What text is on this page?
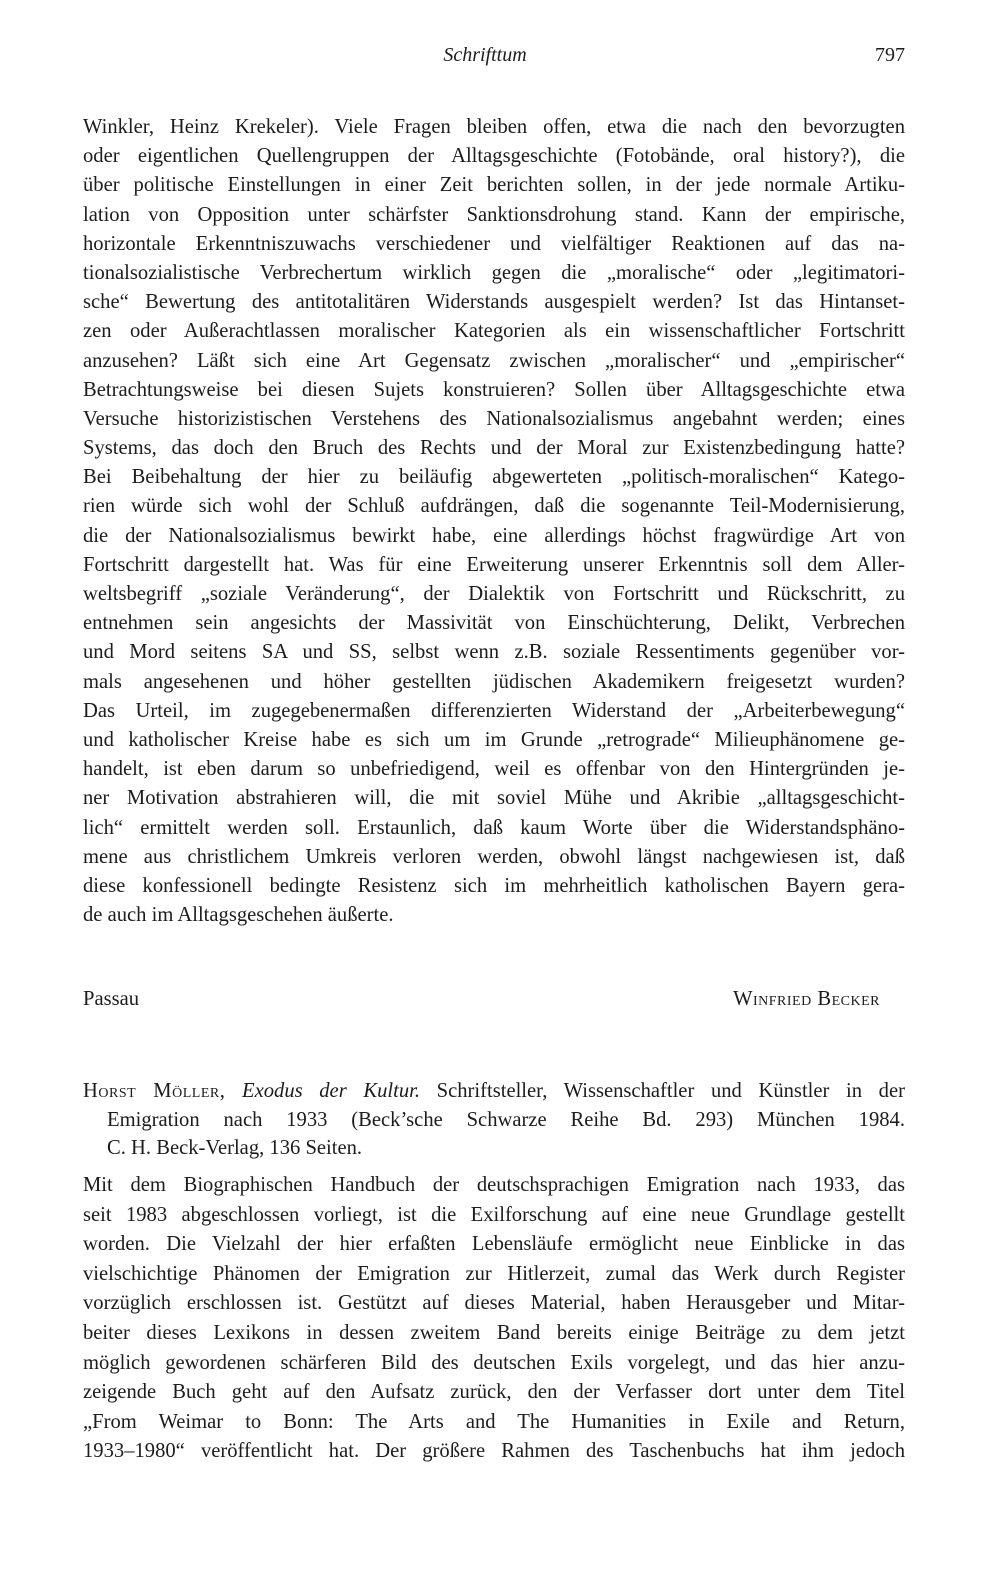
Schrifttum	797
Winkler, Heinz Krekeler). Viele Fragen bleiben offen, etwa die nach den bevorzugten
oder eigentlichen Quellengruppen der Alltagsgeschichte (Fotobände, oral history?), die
über politische Einstellungen in einer Zeit berichten sollen, in der jede normale Artiku-
lation von Opposition unter schärfster Sanktionsdrohung stand. Kann der empirische,
horizontale Erkenntniszuwachs verschiedener und vielfältiger Reaktionen auf das na-
tionalsozialistische Verbrechertum wirklich gegen die „moralische“ oder „legitimatori-
sche“ Bewertung des antitotalitären Widerstands ausgespielt werden? Ist das Hintanset-
zen oder Außerachtlassen moralischer Kategorien als ein wissenschaftlicher Fortschritt
anzusehen? Läßt sich eine Art Gegensatz zwischen „moralischer“ und „empirischer“
Betrachtungsweise bei diesen Sujets konstruieren? Sollen über Alltagsgeschichte etwa
Versuche historizistischen Verstehens des Nationalsozialismus angebahnt werden; eines
Systems, das doch den Bruch des Rechts und der Moral zur Existenzbedingung hatte?
Bei Beibehaltung der hier zu beiläufig abgewerteten „politisch-moralischen“ Katego-
rien würde sich wohl der Schluß aufdrängen, daß die sogenannte Teil-Modernisierung,
die der Nationalsozialismus bewirkt habe, eine allerdings höchst fragwürdige Art von
Fortschritt dargestellt hat. Was für eine Erweiterung unserer Erkenntnis soll dem Aller-
weltsbegriff „soziale Veränderung“, der Dialektik von Fortschritt und Rückschritt, zu
entnehmen sein angesichts der Massivität von Einschüchterung, Delikt, Verbrechen
und Mord seitens SA und SS, selbst wenn z.B. soziale Ressentiments gegenüber vor-
mals angesehenen und höher gestellten jüdischen Akademikern freigesetzt wurden?
Das Urteil, im zugegebenermaßen differenzierten Widerstand der „Arbeiterbewegung“
und katholischer Kreise habe es sich um im Grunde „retrograde“ Milieuphänomene ge-
handelt, ist eben darum so unbefriedigend, weil es offenbar von den Hintergründen je-
ner Motivation abstrahieren will, die mit soviel Mühe und Akribie „alltagsgeschicht-
lich“ ermittelt werden soll. Erstaunlich, daß kaum Worte über die Widerstandsphäno-
mene aus christlichem Umkreis verloren werden, obwohl längst nachgewiesen ist, daß
diese konfessionell bedingte Resistenz sich im mehrheitlich katholischen Bayern gera-
de auch im Alltagsgeschehen äußerte.
Passau	Winfried Becker
Horst Möller, Exodus der Kultur. Schriftsteller, Wissenschaftler und Künstler in der
Emigration nach 1933 (Beck’sche Schwarze Reihe Bd. 293) München 1984.
C. H. Beck-Verlag, 136 Seiten.
Mit dem Biographischen Handbuch der deutschsprachigen Emigration nach 1933, das
seit 1983 abgeschlossen vorliegt, ist die Exilforschung auf eine neue Grundlage gestellt
worden. Die Vielzahl der hier erfaßten Lebensläufe ermöglicht neue Einblicke in das
vielschichtige Phänomen der Emigration zur Hitlerzeit, zumal das Werk durch Register
vorzüglich erschlossen ist. Gestützt auf dieses Material, haben Herausgeber und Mitar-
beiter dieses Lexikons in dessen zweitem Band bereits einige Beiträge zu dem jetzt
möglich gewordenen schärferen Bild des deutschen Exils vorgelegt, und das hier anzu-
zeigende Buch geht auf den Aufsatz zurück, den der Verfasser dort unter dem Titel
„From Weimar to Bonn: The Arts and The Humanities in Exile and Return,
1933–1980“ veröffentlicht hat. Der größere Rahmen des Taschenbuchs hat ihm jedoch
